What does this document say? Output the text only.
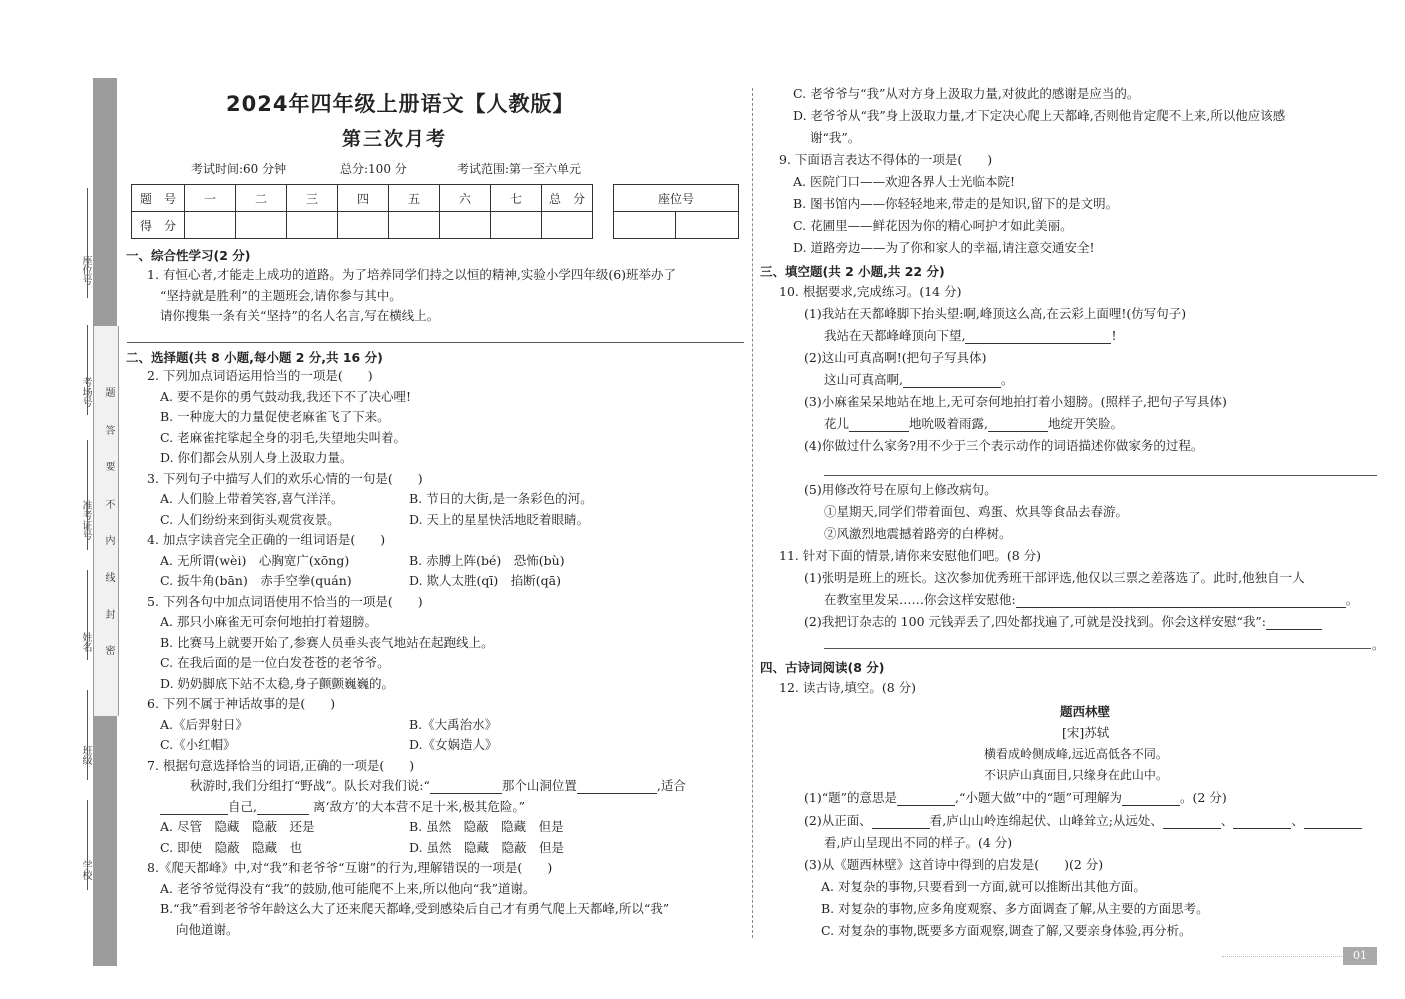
座位号
考场号
准考证号
姓名
班级
学校
题
答
要
不
内
线
封
密
2024年四年级上册语文【人教版】
第三次月考
考试时间:60 分钟	总分:100 分	考试范围:第一至六单元
题　号	一	二	三	四	五	六	七	总　分
得　分								
座位号

一、综合性学习(2 分)
1. 有恒心者,才能走上成功的道路。为了培养同学们持之以恒的精神,实验小学四年级(6)班举办了
“坚持就是胜利”的主题班会,请你参与其中。
请你搜集一条有关“坚持”的名人名言,写在横线上。
二、选择题(共 8 小题,每小题 2 分,共 16 分)
2. 下列加点词语运用恰当的一项是(　　)
A. 要不是你的勇气鼓动我,我还下不了决心哩!
B. 一种庞大的力量促使老麻雀飞了下来。
C. 老麻雀挓挲起全身的羽毛,失望地尖叫着。
D. 你们都会从别人身上汲取力量。
3. 下列句子中描写人们的欢乐心情的一句是(　　)
A. 人们脸上带着笑容,喜气洋洋。	B. 节日的大街,是一条彩色的河。
C. 人们纷纷来到街头观赏夜景。	D. 天上的星星快活地眨着眼睛。
4. 加点字读音完全正确的一组词语是(　　)
A. 无所谓(wèi)　心胸宽广(xōng)	B. 赤膊上阵(bé)　恐怖(bù)
C. 扳牛角(bān)　赤手空拳(quán)	D. 欺人太胜(qī)　掐断(qā)
5. 下列各句中加点词语使用不恰当的一项是(　　)
A. 那只小麻雀无可奈何地拍打着翅膀。
B. 比赛马上就要开始了,参赛人员垂头丧气地站在起跑线上。
C. 在我后面的是一位白发苍苍的老爷爷。
D. 奶奶脚底下站不太稳,身子颤颤巍巍的。
6. 下列不属于神话故事的是(　　)
A.《后羿射日》	B.《大禹治水》
C.《小红帽》	D.《女娲造人》
7. 根据句意选择恰当的词语,正确的一项是(　　)
秋游时,我们分组打“野战”。队长对我们说:“	那个山洞位置	,适合
自己,	离‘敌方’的大本营不足十米,极其危险。”
A. 尽管　隐藏　隐蔽　还是	B. 虽然　隐蔽　隐藏　但是
C. 即使　隐蔽　隐藏　也	D. 虽然　隐藏　隐蔽　但是
8.《爬天都峰》中,对“我”和老爷爷“互谢”的行为,理解错误的一项是(　　)
A. 老爷爷觉得没有“我”的鼓励,他可能爬不上来,所以他向“我”道谢。
B.“我”看到老爷爷年龄这么大了还来爬天都峰,受到感染后自己才有勇气爬上天都峰,所以“我”
向他道谢。
C. 老爷爷与“我”从对方身上汲取力量,对彼此的感谢是应当的。
D. 老爷爷从“我”身上汲取力量,才下定决心爬上天都峰,否则他肯定爬不上来,所以他应该感
谢“我”。
9. 下面语言表达不得体的一项是(　　)
A. 医院门口——欢迎各界人士光临本院!
B. 图书馆内——你轻轻地来,带走的是知识,留下的是文明。
C. 花圃里——鲜花因为你的精心呵护才如此美丽。
D. 道路旁边——为了你和家人的幸福,请注意交通安全!
三、填空题(共 2 小题,共 22 分)
10. 根据要求,完成练习。(14 分)
(1)我站在天都峰脚下抬头望:啊,峰顶这么高,在云彩上面哩!(仿写句子)
我站在天都峰峰顶向下望,	!
(2)这山可真高啊!(把句子写具体)
这山可真高啊,	。
(3)小麻雀呆呆地站在地上,无可奈何地拍打着小翅膀。(照样子,把句子写具体)
花儿	地吮吸着雨露,	地绽开笑脸。
(4)你做过什么家务?用不少于三个表示动作的词语描述你做家务的过程。
(5)用修改符号在原句上修改病句。
①星期天,同学们带着面包、鸡蛋、炊具等食品去春游。
②风激烈地震撼着路旁的白桦树。
11. 针对下面的情景,请你来安慰他们吧。(8 分)
(1)张明是班上的班长。这次参加优秀班干部评选,他仅以三票之差落选了。此时,他独自一人
在教室里发呆……你会这样安慰他:	。
(2)我把订杂志的 100 元钱弄丢了,四处都找遍了,可就是没找到。你会这样安慰“我”:
。
四、古诗词阅读(8 分)
12. 读古诗,填空。(8 分)
题西林壁
[宋]苏轼
横看成岭侧成峰,远近高低各不同。
不识庐山真面目,只缘身在此山中。
(1)“题”的意思是	,“小题大做”中的“题”可理解为	。(2 分)
(2)从正面、	看,庐山山岭连绵起伏、山峰耸立;从远处、	、	、
看,庐山呈现出不同的样子。(4 分)
(3)从《题西林壁》这首诗中得到的启发是(　　)(2 分)
A. 对复杂的事物,只要看到一方面,就可以推断出其他方面。
B. 对复杂的事物,应多角度观察、多方面调查了解,从主要的方面思考。
C. 对复杂的事物,既要多方面观察,调查了解,又要亲身体验,再分析。
01
